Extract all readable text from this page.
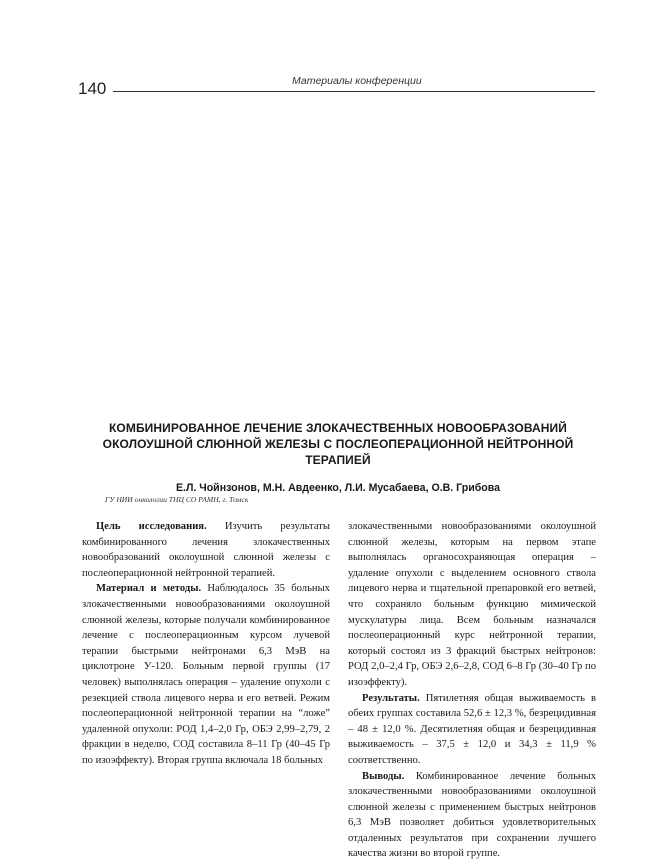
140	Материалы конференции
КОМБИНИРОВАННОЕ ЛЕЧЕНИЕ ЗЛОКАЧЕСТВЕННЫХ НОВООБРАЗОВАНИЙ
ОКОЛОУШНОЙ СЛЮННОЙ ЖЕЛЕЗЫ С ПОСЛЕОПЕРАЦИОННОЙ НЕЙТРОННОЙ
ТЕРАПИЕЙ
Е.Л. Чойнзонов, М.Н. Авдеенко, Л.И. Мусабаева, О.В. Грибова
ГУ НИИ онкологии ТНЦ СО РАМН, г. Томск

Цель исследования. Изучить результаты комбинированного лечения злокачественных новообразований околоушной слюнной железы с послеоперационной нейтронной терапией.

Материал и методы. Наблюдалось 35 больных злокачественными новообразованиями околоушной слюнной железы, которые получали комбинированное лечение с послеоперационным курсом лучевой терапии быстрыми нейтронами 6,3 МэВ на циклотроне У-120. Больным первой группы (17 человек) выполнялась операция – удаление опухоли с резекцией ствола лицевого нерва и его ветвей. Режим послеоперационной нейтронной терапии на “ложе” удаленной опухоли: РОД 1,4–2,0 Гр, ОБЭ 2,99–2,79, 2 фракции в неделю, СОД составила 8–11 Гр (40–45 Гр по изоэффекту). Вторая группа включала 18 больных

злокачественными новообразованиями околоушной слюнной железы, которым на первом этапе выполнялась органосохраняющая операция – удаление опухоли с выделением основного ствола лицевого нерва и тщательной препаровкой его ветвей, что сохраняло больным функцию мимической мускулатуры лица. Всем больным назначался послеоперационный курс нейтронной терапии, который состоял из 3 фракций быстрых нейтронов: РОД 2,0–2,4 Гр, ОБЭ 2,6–2,8, СОД 6–8 Гр (30–40 Гр по изоэффекту).

Результаты. Пятилетняя общая выживаемость в обеих группах составила 52,6 ± 12,3 %, безрецидивная – 48 ± 12,0 %. Десятилетняя общая и безрецидивная выживаемость – 37,5 ± 12,0 и 34,3 ± 11,9 % соответственно.

Выводы. Комбинированное лечение больных злокачественными новообразованиями околоушной слюнной железы с применением быстрых нейтронов 6,3 МэВ позволяет добиться удовлетворительных отдаленных результатов при сохранении лучшего качества жизни во второй группе.
